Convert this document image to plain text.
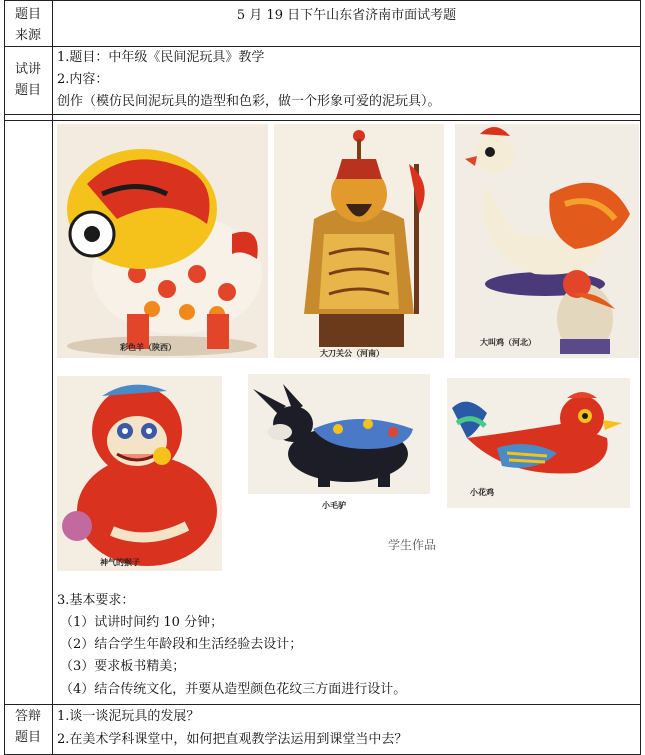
题目
来源
5 月 19 日下午山东省济南市面试考题
试讲
题目
1.题目：中年级《民间泥玩具》教学
2.内容：
创作（模仿民间泥玩具的造型和色彩，做一个形象可爱的泥玩具）。
彩色羊（陕西）
大刀关公（河南）
大叫鸡（河北）
神气的猴子
小毛驴
小花鸡
学生作品
3.基本要求：
（1）试讲时间约 10 分钟；
（2）结合学生年龄段和生活经验去设计；
（3）要求板书精美；
（4）结合传统文化，并要从造型颜色花纹三方面进行设计。
答辩
题目
1.谈一谈泥玩具的发展？
2.在美术学科课堂中，如何把直观教学法运用到课堂当中去？
